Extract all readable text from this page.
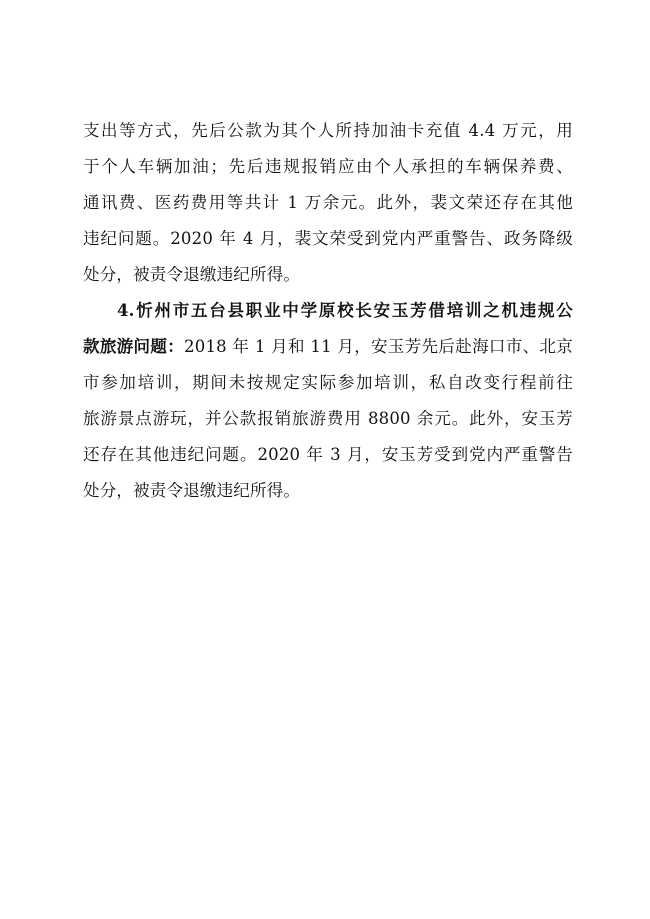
支出等方式，先后公款为其个人所持加油卡充值 4.4 万元，用
于个人车辆加油；先后违规报销应由个人承担的车辆保养费、
通讯费、医药费用等共计 1 万余元。此外，裴文荣还存在其他
违纪问题。2020 年 4 月，裴文荣受到党内严重警告、政务降级
处分，被责令退缴违纪所得。
4.忻州市五台县职业中学原校长安玉芳借培训之机违规公
款旅游问题：2018 年 1 月和 11 月，安玉芳先后赴海口市、北京
市参加培训，期间未按规定实际参加培训，私自改变行程前往
旅游景点游玩，并公款报销旅游费用 8800 余元。此外，安玉芳
还存在其他违纪问题。2020 年 3 月，安玉芳受到党内严重警告
处分，被责令退缴违纪所得。
